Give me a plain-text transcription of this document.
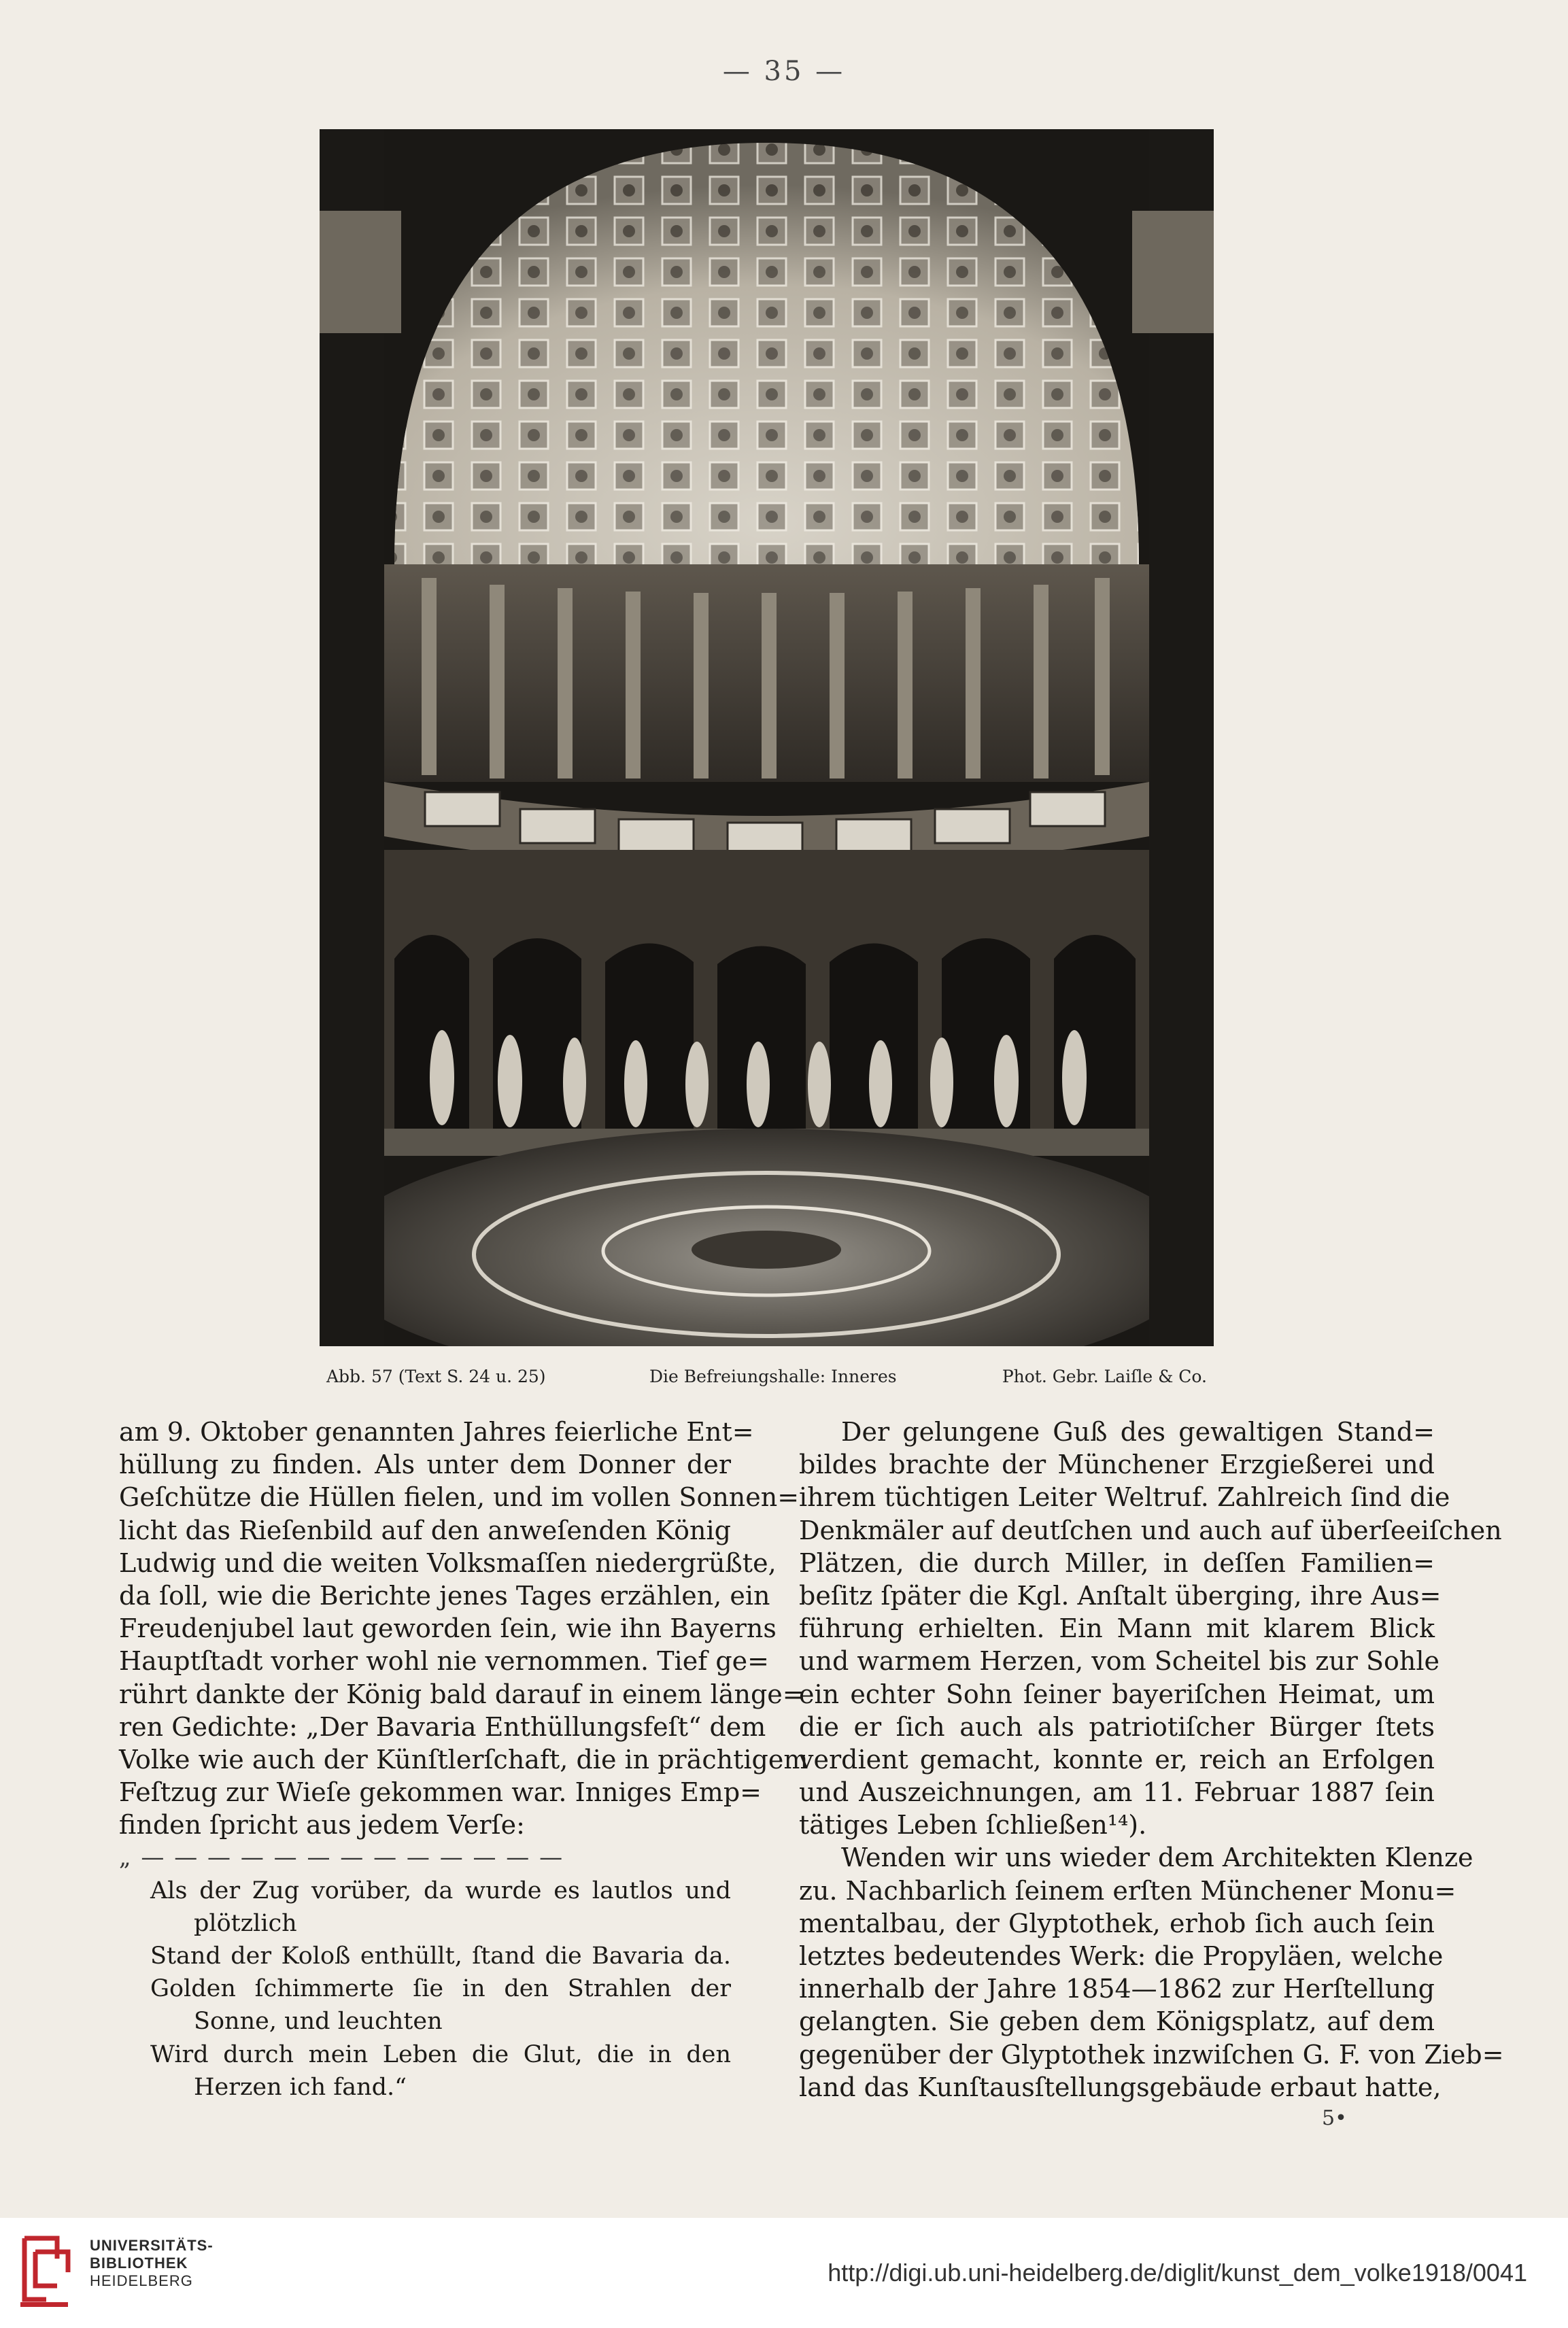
— 35 —
Abb. 57 (Text S. 24 u. 25)	Die Befreiungshalle: Inneres	Phot. Gebr. Laiſle & Co.
am 9. Oktober genannten Jahres feierliche Ent=
hüllung zu finden. Als unter dem Donner der
Geſchütze die Hüllen fielen, und im vollen Sonnen=
licht das Rieſenbild auf den anweſenden König
Ludwig und die weiten Volksmaſſen niedergrüßte,
da ſoll, wie die Berichte jenes Tages erzählen, ein
Freudenjubel laut geworden ſein, wie ihn Bayerns
Hauptſtadt vorher wohl nie vernommen. Tief ge=
rührt dankte der König bald darauf in einem länge=
ren Gedichte: „Der Bavaria Enthüllungsfeſt“ dem
Volke wie auch der Künſtlerſchaft, die in prächtigem
Feſtzug zur Wieſe gekommen war. Inniges Emp=
finden ſpricht aus jedem Verſe:
„ — — — — — — — — — — — — —
Als der Zug vorüber, da wurde es lautlos und
plötzlich
Stand der Koloß enthüllt, ſtand die Bavaria da.
Golden ſchimmerte ſie in den Strahlen der
Sonne, und leuchten
Wird durch mein Leben die Glut, die in den
Herzen ich fand.“
Der gelungene Guß des gewaltigen Stand=
bildes brachte der Münchener Erzgießerei und
ihrem tüchtigen Leiter Weltruf. Zahlreich ſind die
Denkmäler auf deutſchen und auch auf überſeeiſchen
Plätzen, die durch Miller, in deſſen Familien=
beſitz ſpäter die Kgl. Anſtalt überging, ihre Aus=
führung erhielten. Ein Mann mit klarem Blick
und warmem Herzen, vom Scheitel bis zur Sohle
ein echter Sohn ſeiner bayeriſchen Heimat, um
die er ſich auch als patriotiſcher Bürger ſtets
verdient gemacht, konnte er, reich an Erfolgen
und Auszeichnungen, am 11. Februar 1887 ſein
tätiges Leben ſchließen¹⁴).
Wenden wir uns wieder dem Architekten Klenze
zu. Nachbarlich ſeinem erſten Münchener Monu=
mentalbau, der Glyptothek, erhob ſich auch ſein
letztes bedeutendes Werk: die Propyläen, welche
innerhalb der Jahre 1854—1862 zur Herſtellung
gelangten. Sie geben dem Königsplatz, auf dem
gegenüber der Glyptothek inzwiſchen G. F. von Zieb=
land das Kunſtausſtellungsgebäude erbaut hatte,
5•
UNIVERSITÄTS-
BIBLIOTHEK
HEIDELBERG	http://digi.ub.uni-heidelberg.de/diglit/kunst_dem_volke1918/0041
